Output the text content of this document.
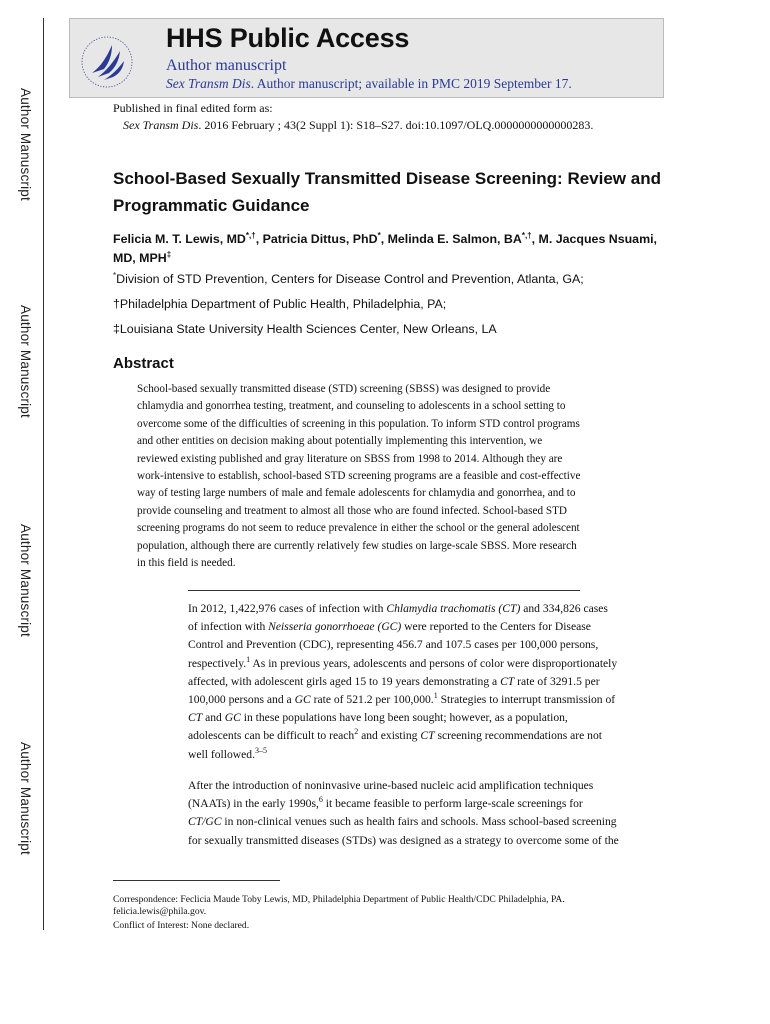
Author Manuscript
Author Manuscript
Author Manuscript
Author Manuscript
HHS Public Access
Author manuscript
Sex Transm Dis. Author manuscript; available in PMC 2019 September 17.
Published in final edited form as:
Sex Transm Dis. 2016 February ; 43(2 Suppl 1): S18–S27. doi:10.1097/OLQ.0000000000000283.
School-Based Sexually Transmitted Disease Screening: Review and Programmatic Guidance
Felicia M. T. Lewis, MD*,†, Patricia Dittus, PhD*, Melinda E. Salmon, BA*,†, M. Jacques Nsuami, MD, MPH‡
*Division of STD Prevention, Centers for Disease Control and Prevention, Atlanta, GA;
†Philadelphia Department of Public Health, Philadelphia, PA;
‡Louisiana State University Health Sciences Center, New Orleans, LA
Abstract
School-based sexually transmitted disease (STD) screening (SBSS) was designed to provide
chlamydia and gonorrhea testing, treatment, and counseling to adolescents in a school setting to
overcome some of the difficulties of screening in this population. To inform STD control programs
and other entities on decision making about potentially implementing this intervention, we
reviewed existing published and gray literature on SBSS from 1998 to 2014. Although they are
work-intensive to establish, school-based STD screening programs are a feasible and cost-effective
way of testing large numbers of male and female adolescents for chlamydia and gonorrhea, and to
provide counseling and treatment to almost all those who are found infected. School-based STD
screening programs do not seem to reduce prevalence in either the school or the general adolescent
population, although there are currently relatively few studies on large-scale SBSS. More research
in this field is needed.
In 2012, 1,422,976 cases of infection with Chlamydia trachomatis (CT) and 334,826 cases
of infection with Neisseria gonorrhoeae (GC) were reported to the Centers for Disease
Control and Prevention (CDC), representing 456.7 and 107.5 cases per 100,000 persons,
respectively.$^1$ As in previous years, adolescents and persons of color were disproportionately
affected, with adolescent girls aged 15 to 19 years demonstrating a CT rate of 3291.5 per
100,000 persons and a GC rate of 521.2 per 100,000.$^1$ Strategies to interrupt transmission of
CT and GC in these populations have long been sought; however, as a population,
adolescents can be difficult to reach$^2$ and existing CT screening recommendations are not
well followed.$^{3-5}$
After the introduction of noninvasive urine-based nucleic acid amplification techniques
(NAATs) in the early 1990s,$^6$ it became feasible to perform large-scale screenings for
CT/GC in non-clinical venues such as health fairs and schools. Mass school-based screening
for sexually transmitted diseases (STDs) was designed as a strategy to overcome some of the
Correspondence: Feclicia Maude Toby Lewis, MD, Philadelphia Department of Public Health/CDC Philadelphia, PA.
felicia.lewis@phila.gov.
Conflict of Interest: None declared.
